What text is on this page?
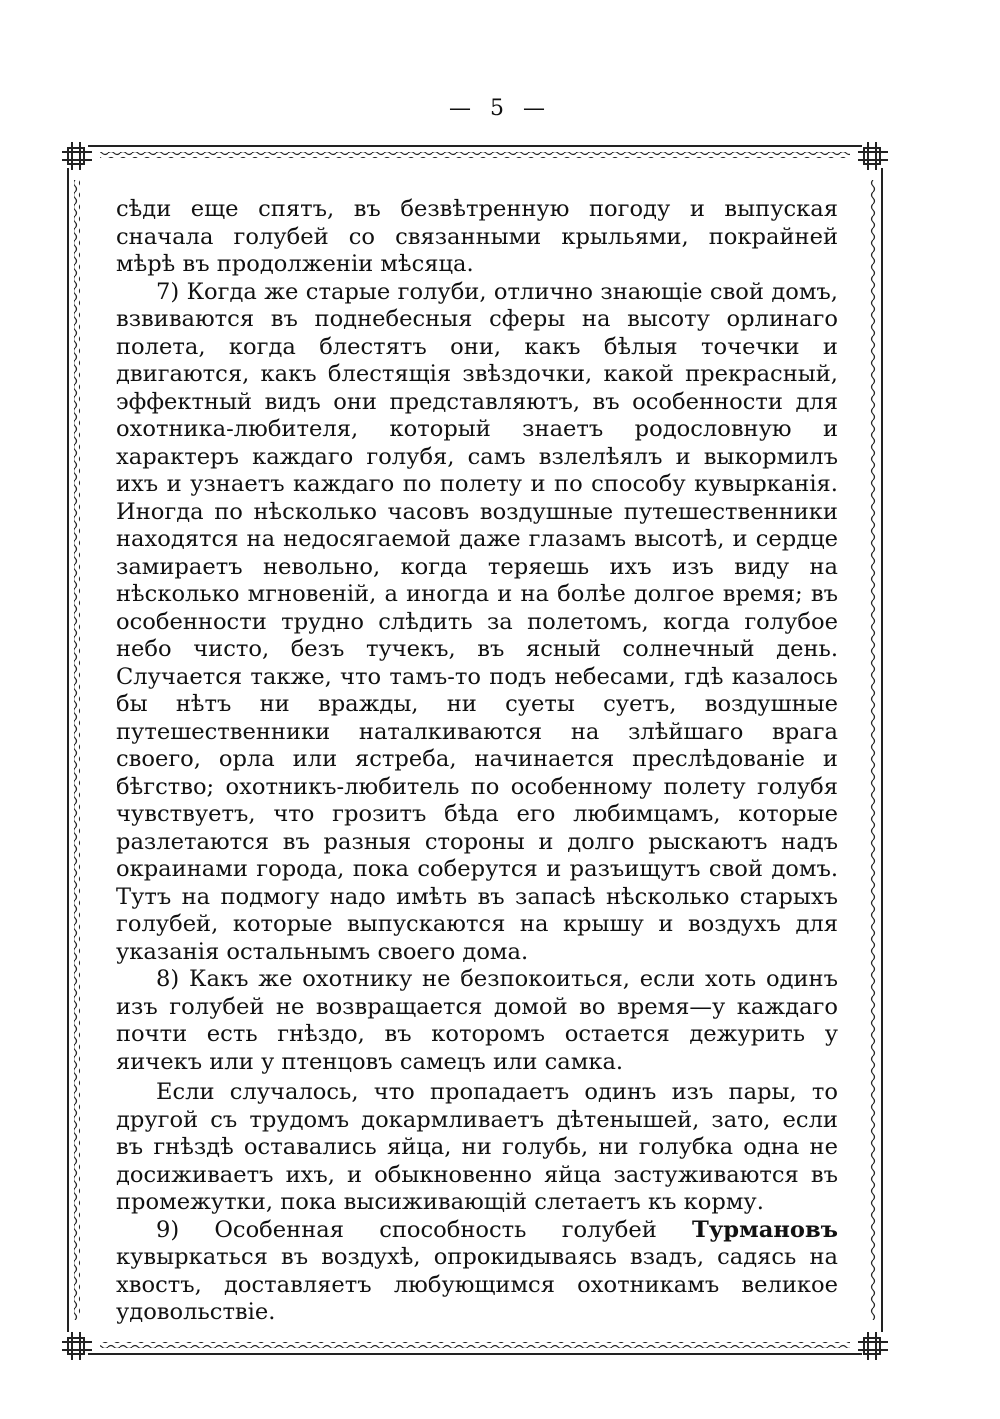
— 5 —

сѣди еще спятъ, въ безвѣтренную погоду и выпуская сначала голубей со связанными крыльями, покрайней мѣрѣ въ продолженіи мѣсяца.

7) Когда же старые голуби, отлично знающіе свой домъ, взвиваются въ поднебесныя сферы на высоту орлинаго полета, когда блестятъ они, какъ бѣлыя точечки и двигаются, какъ блестящія звѣздочки, какой прекрасный, эффектный видъ они представляютъ, въ особенности для охотника-любителя, который знаетъ родословную и характеръ каждаго голубя, самъ взлелѣялъ и выкормилъ ихъ и узнаетъ каждаго по полету и по способу кувырканія. Иногда по нѣсколько часовъ воздушные путешественники находятся на недосягаемой даже глазамъ высотѣ, и сердце замираетъ невольно, когда теряешь ихъ изъ виду на нѣсколько мгновеній, а иногда и на болѣе долгое время; въ особенности трудно слѣдить за полетомъ, когда голубое небо чисто, безъ тучекъ, въ ясный солнечный день. Случается также, что тамъ-то подъ небесами, гдѣ казалось бы нѣтъ ни вражды, ни суеты суетъ, воздушные путешественники наталкиваются на злѣйшаго врага своего, орла или ястреба, начинается преслѣдованіе и бѣгство; охотникъ-любитель по особенному полету голубя чувствуетъ, что грозитъ бѣда его любимцамъ, которые разлетаются въ разныя стороны и долго рыскаютъ надъ окраинами города, пока соберутся и разъищутъ свой домъ. Тутъ на подмогу надо имѣть въ запасѣ нѣсколько старыхъ голубей, которые выпускаются на крышу и воздухъ для указанія остальнымъ своего дома.

8) Какъ же охотнику не безпокоиться, если хоть одинъ изъ голубей не возвращается домой во время—у каждаго почти есть гнѣздо, въ которомъ остается дежурить у яичекъ или у птенцовъ самецъ или самка.

Если случалось, что пропадаетъ одинъ изъ пары, то другой съ трудомъ докармливаетъ дѣтенышей, зато, если въ гнѣздѣ оставались яйца, ни голубь, ни голубка одна не досиживаетъ ихъ, и обыкновенно яйца застуживаются въ промежутки, пока высиживающій слетаетъ къ корму.

9) Особенная способность голубей Турмановъ кувыркаться въ воздухѣ, опрокидываясь взадъ, садясь на хвостъ, доставляетъ любующимся охотникамъ великое удовольствіе.
